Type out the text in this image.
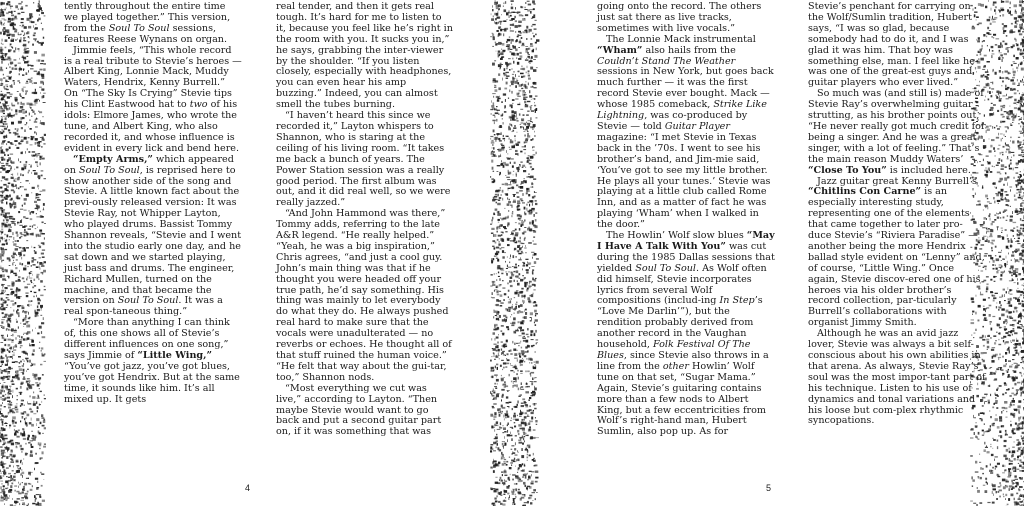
tently throughout the entire time we played together.” This version, from the Soul To Soul sessions, features Reese Wynans on organ.

Jimmie feels, “This whole record is a real tribute to Stevie’s heroes — Albert King, Lonnie Mack, Muddy Waters, Hendrix, Kenny Burrell.” On “The Sky Is Crying” Stevie tips his Clint Eastwood hat to two of his idols: Elmore James, who wrote the tune, and Albert King, who also recorded it, and whose influence is evident in every lick and bend here.

“Empty Arms,” which appeared on Soul To Soul, is reprised here to show another side of the song and Stevie. A little known fact about the previ-ously released version: It was Stevie Ray, not Whipper Layton, who played drums. Bassist Tommy Shannon reveals, “Stevie and I went into the studio early one day, and he sat down and we started playing, just bass and drums. The engineer, Richard Mullen, turned on the machine, and that became the version on Soul To Soul. It was a real spon-taneous thing.”

“More than anything I can think of, this one shows all of Stevie’s different influences on one song,” says Jimmie of “Little Wing,” “You’ve got jazz, you’ve got blues, you’ve got Hendrix. But at the same time, it sounds like him. It’s all mixed up. It gets

real tender, and then it gets real tough. It’s hard for me to listen to it, because you feel like he’s right in the room with you. It sucks you in,” he says, grabbing the inter-viewer by the shoulder. “If you listen closely, especially with headphones, you can even hear his amp buzzing.” Indeed, you can almost smell the tubes burning.

“I haven’t heard this since we recorded it,” Layton whispers to Shannon, who is staring at the ceiling of his living room. “It takes me back a bunch of years. The Power Station session was a really good period. The first album was out, and it did real well, so we were really jazzed.”

“And John Hammond was there,” Tommy adds, referring to the late A&R legend. “He really helped.” “Yeah, he was a big inspiration,” Chris agrees, “and just a cool guy. John’s main thing was that if he thought you were headed off your true path, he’d say something. His thing was mainly to let everybody do what they do. He always pushed real hard to make sure that the vocals were unadulterated — no reverbs or echoes. He thought all of that stuff ruined the human voice.” “He felt that way about the gui-tar, too,” Shannon nods.

“Most everything we cut was live,” according to Layton. “Then maybe Stevie would want to go back and put a second guitar part on, if it was something that was

going onto the record. The others just sat there as live tracks, sometimes with live vocals.”

The Lonnie Mack instrumental “Wham” also hails from the Couldn’t Stand The Weather sessions in New York, but goes back much further — it was the first record Stevie ever bought. Mack — whose 1985 comeback, Strike Like Lightning, was co-produced by Stevie — told Guitar Player magazine: “I met Stevie in Texas back in the ’70s. I went to see his brother’s band, and Jim-mie said, ‘You’ve got to see my little brother. He plays all your tunes.’ Stevie was playing at a little club called Rome Inn, and as a matter of fact he was playing ‘Wham’ when I walked in the door.”

The Howlin’ Wolf slow blues “May I Have A Talk With You” was cut during the 1985 Dallas sessions that yielded Soul To Soul. As Wolf often did himself, Stevie incorporates lyrics from several Wolf compositions (includ-ing In Step’s “Love Me Darlin’”), but the rendition probably derived from another record in the Vaughan household, Folk Festival Of The Blues, since Stevie also throws in a line from the other Howlin’ Wolf tune on that set, “Sugar Mama.” Again, Stevie’s guitaring contains more than a few nods to Albert King, but a few eccentricities from Wolf’s right-hand man, Hubert Sumlin, also pop up. As for

Stevie’s penchant for carrying on the Wolf/Sumlin tradition, Hubert says, “I was so glad, because somebody had to do it, and I was glad it was him. That boy was something else, man. I feel like he was one of the great-est guys and guitar players who ever lived.”

So much was (and still is) made of Stevie Ray’s overwhelming guitar strutting, as his brother points out, “He never really got much credit for being a singer. And he was a great singer, with a lot of feeling.” That’s the main reason Muddy Waters’ “Close To You” is included here.

Jazz guitar great Kenny Burrell’s “Chitlins Con Carne” is an especially interesting study, representing one of the elements that came together to later pro-duce Stevie’s “Riviera Paradise” — another being the more Hendrix ballad style evident on “Lenny” and, of course, “Little Wing.” Once again, Stevie discov-ered one of his heroes via his older brother’s record collection, par-ticularly Burrell’s collaborations with organist Jimmy Smith.

Although he was an avid jazz lover, Stevie was always a bit self-conscious about his own abilities in that arena. As always, Stevie Ray’s soul was the most impor-tant part of his technique. Listen to his use of dynamics and tonal variations and his loose but com-plex rhythmic syncopations.

4	5
